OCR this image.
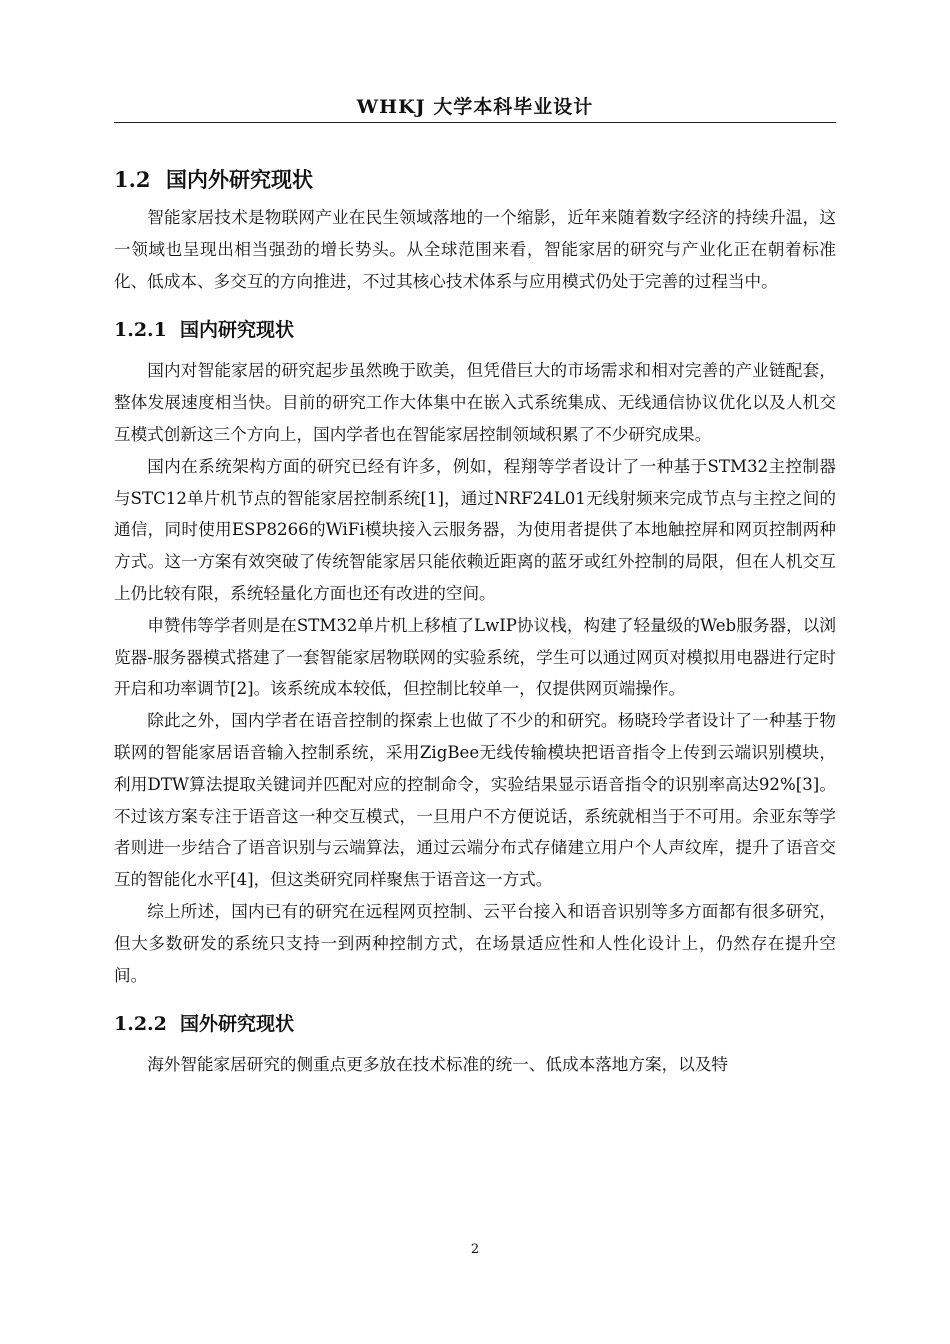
WHKJ 大学本科毕业设计
1.2 国内外研究现状

智能家居技术是物联网产业在民生领域落地的一个缩影，近年来随着数字经济的持续升温，这一领域也呈现出相当强劲的增长势头。从全球范围来看，智能家居的研究与产业化正在朝着标准化、低成本、多交互的方向推进，不过其核心技术体系与应用模式仍处于完善的过程当中。

1.2.1 国内研究现状

国内对智能家居的研究起步虽然晚于欧美，但凭借巨大的市场需求和相对完善的产业链配套，整体发展速度相当快。目前的研究工作大体集中在嵌入式系统集成、无线通信协议优化以及人机交互模式创新这三个方向上，国内学者也在智能家居控制领域积累了不少研究成果。

国内在系统架构方面的研究已经有许多，例如，程翔等学者设计了一种基于STM32主控制器与STC12单片机节点的智能家居控制系统[1]，通过NRF24L01无线射频来完成节点与主控之间的通信，同时使用ESP8266的WiFi模块接入云服务器，为使用者提供了本地触控屏和网页控制两种方式。这一方案有效突破了传统智能家居只能依赖近距离的蓝牙或红外控制的局限，但在人机交互上仍比较有限，系统轻量化方面也还有改进的空间。

申赞伟等学者则是在STM32单片机上移植了LwIP协议栈，构建了轻量级的Web服务器，以浏览器-服务器模式搭建了一套智能家居物联网的实验系统，学生可以通过网页对模拟用电器进行定时开启和功率调节[2]。该系统成本较低，但控制比较单一，仅提供网页端操作。

除此之外，国内学者在语音控制的探索上也做了不少的和研究。杨晓玲学者设计了一种基于物联网的智能家居语音输入控制系统，采用ZigBee无线传输模块把语音指令上传到云端识别模块，利用DTW算法提取关键词并匹配对应的控制命令，实验结果显示语音指令的识别率高达92%[3]。不过该方案专注于语音这一种交互模式，一旦用户不方便说话，系统就相当于不可用。余亚东等学者则进一步结合了语音识别与云端算法，通过云端分布式存储建立用户个人声纹库，提升了语音交互的智能化水平[4]，但这类研究同样聚焦于语音这一方式。

综上所述，国内已有的研究在远程网页控制、云平台接入和语音识别等多方面都有很多研究，但大多数研发的系统只支持一到两种控制方式，在场景适应性和人性化设计上，仍然存在提升空间。

1.2.2 国外研究现状

海外智能家居研究的侧重点更多放在技术标准的统一、低成本落地方案，以及特

2
